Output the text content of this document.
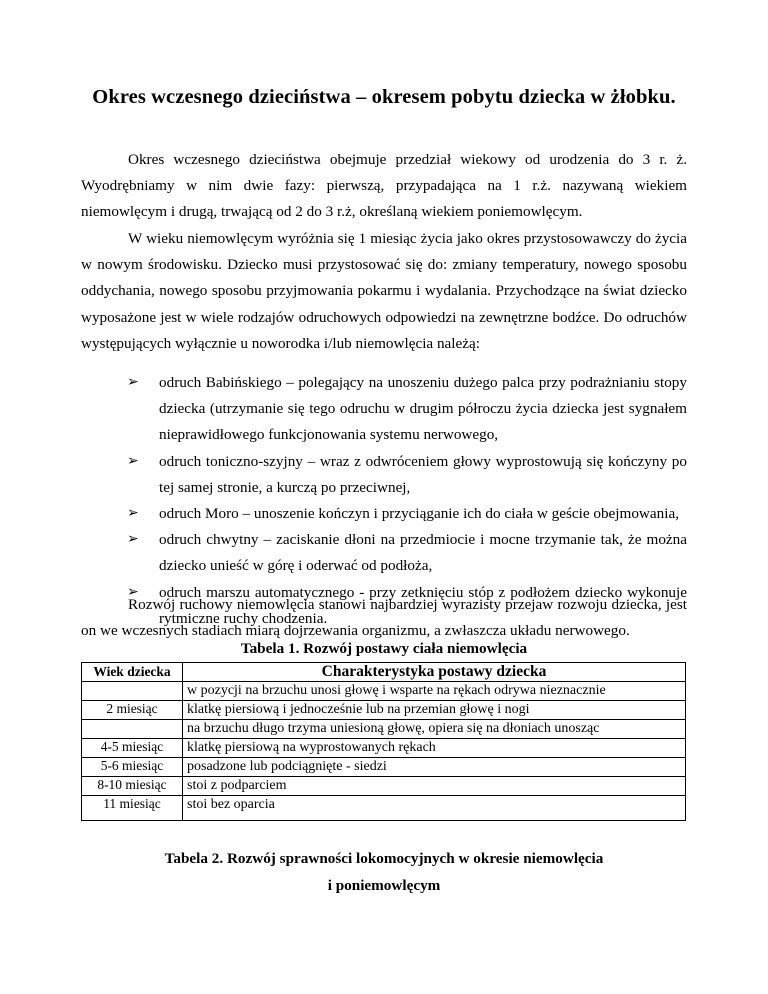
Okres wczesnego dzieciństwa – okresem pobytu dziecka w żłobku.

Okres wczesnego dzieciństwa obejmuje przedział wiekowy od urodzenia do 3 r. ż. Wyodrębniamy w nim dwie fazy: pierwszą, przypadająca na 1 r.ż. nazywaną wiekiem niemowlęcym i drugą, trwającą od 2 do 3 r.ż, określaną wiekiem poniemowlęcym.

W wieku niemowlęcym wyróżnia się 1 miesiąc życia jako okres przystosowawczy do życia w nowym środowisku. Dziecko musi przystosować się do: zmiany temperatury, nowego sposobu oddychania, nowego sposobu przyjmowania pokarmu i wydalania. Przychodzące na świat dziecko wyposażone jest w wiele rodzajów odruchowych odpowiedzi na zewnętrzne bodźce. Do odruchów występujących wyłącznie u noworodka i/lub niemowlęcia należą:

➢ odruch Babińskiego – polegający na unoszeniu dużego palca przy podrażnianiu stopy dziecka (utrzymanie się tego odruchu w drugim półroczu życia dziecka jest sygnałem nieprawidłowego funkcjonowania systemu nerwowego,
➢ odruch toniczno-szyjny – wraz z odwróceniem głowy wyprostowują się kończyny po tej samej stronie, a kurczą po przeciwnej,
➢ odruch Moro – unoszenie kończyn i przyciąganie ich do ciała w geście obejmowania,
➢ odruch chwytny – zaciskanie dłoni na przedmiocie i mocne trzymanie tak, że można dziecko unieść w górę i oderwać od podłoża,
➢ odruch marszu automatycznego - przy zetknięciu stóp z podłożem dziecko wykonuje rytmiczne ruchy chodzenia.

Rozwój ruchowy niemowlęcia stanowi najbardziej wyrazisty przejaw rozwoju dziecka, jest on we wczesnych stadiach miarą dojrzewania organizmu, a zwłaszcza układu nerwowego.

Tabela 1. Rozwój postawy ciała niemowlęcia
Wiek dziecka	Charakterystyka postawy dziecka
	w pozycji na brzuchu unosi głowę i wsparte na rękach odrywa nieznacznie
2 miesiąc	klatkę piersiową i jednocześnie lub na przemian głowę i nogi
	na brzuchu długo trzyma uniesioną głowę, opiera się na dłoniach unosząc
4-5 miesiąc	klatkę piersiową na wyprostowanych rękach
5-6 miesiąc	posadzone lub podciągnięte - siedzi
8-10 miesiąc	stoi z podparciem
11 miesiąc	stoi bez oparcia
Tabela 2. Rozwój sprawności lokomocyjnych w okresie niemowlęcia
i poniemowlęcym
